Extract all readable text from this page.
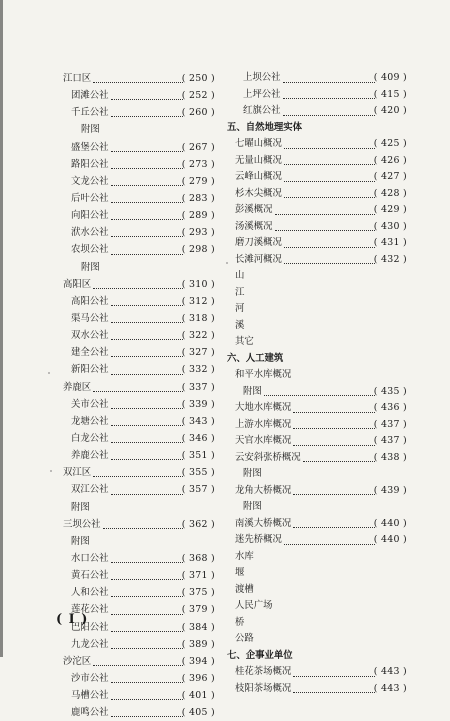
江口区	( 250 )
团滩公社	( 252 )
千丘公社	( 260 )
附图
盛堡公社	( 267 )
路阳公社	( 273 )
文龙公社	( 279 )
后叶公社	( 283 )
向阳公社	( 289 )
洑水公社	( 293 )
农坝公社	( 298 )
附图
高阳区	( 310 )
高阳公社	( 312 )
渠马公社	( 318 )
双水公社	( 322 )
建全公社	( 327 )
新阳公社	( 332 )
养鹿区	( 337 )
关市公社	( 339 )
龙塘公社	( 343 )
白龙公社	( 346 )
养鹿公社	( 351 )
双江区	( 355 )
双江公社	( 357 )
附图
三坝公社	( 362 )
附图
水口公社	( 368 )
黄石公社	( 371 )
人和公社	( 375 )
莲花公社	( 379 )
巴阳公社	( 384 )
九龙公社	( 389 )
沙沱区	( 394 )
沙市公社	( 396 )
马槽公社	( 401 )
鹿鸣公社	( 405 )
上坝公社	( 409 )
上坪公社	( 415 )
红旗公社	( 420 )
五、自然地理实体
七曜山概况	( 425 )
无量山概况	( 426 )
云峰山概况	( 427 )
杉木尖概况	( 428 )
彭溪概况	( 429 )
汤溪概况	( 430 )
磨刀溪概况	( 431 )
长滩河概况	( 432 )
山
江
河
溪
其它
六、人工建筑
和平水库概况
附图	( 435 )
大地水库概况	( 436 )
上游水库概况	( 437 )
天官水库概况	( 437 )
云安斜张桥概况	( 438 )
附图
龙角大桥概况	( 439 )
附图
南溪大桥概况	( 440 )
迷先桥概况	( 440 )
水库
堰
渡槽
人民广场
桥
公路
七、企事业单位
桂花茶场概况	( 443 )
枝阳茶场概况	( 443 )
( I )
